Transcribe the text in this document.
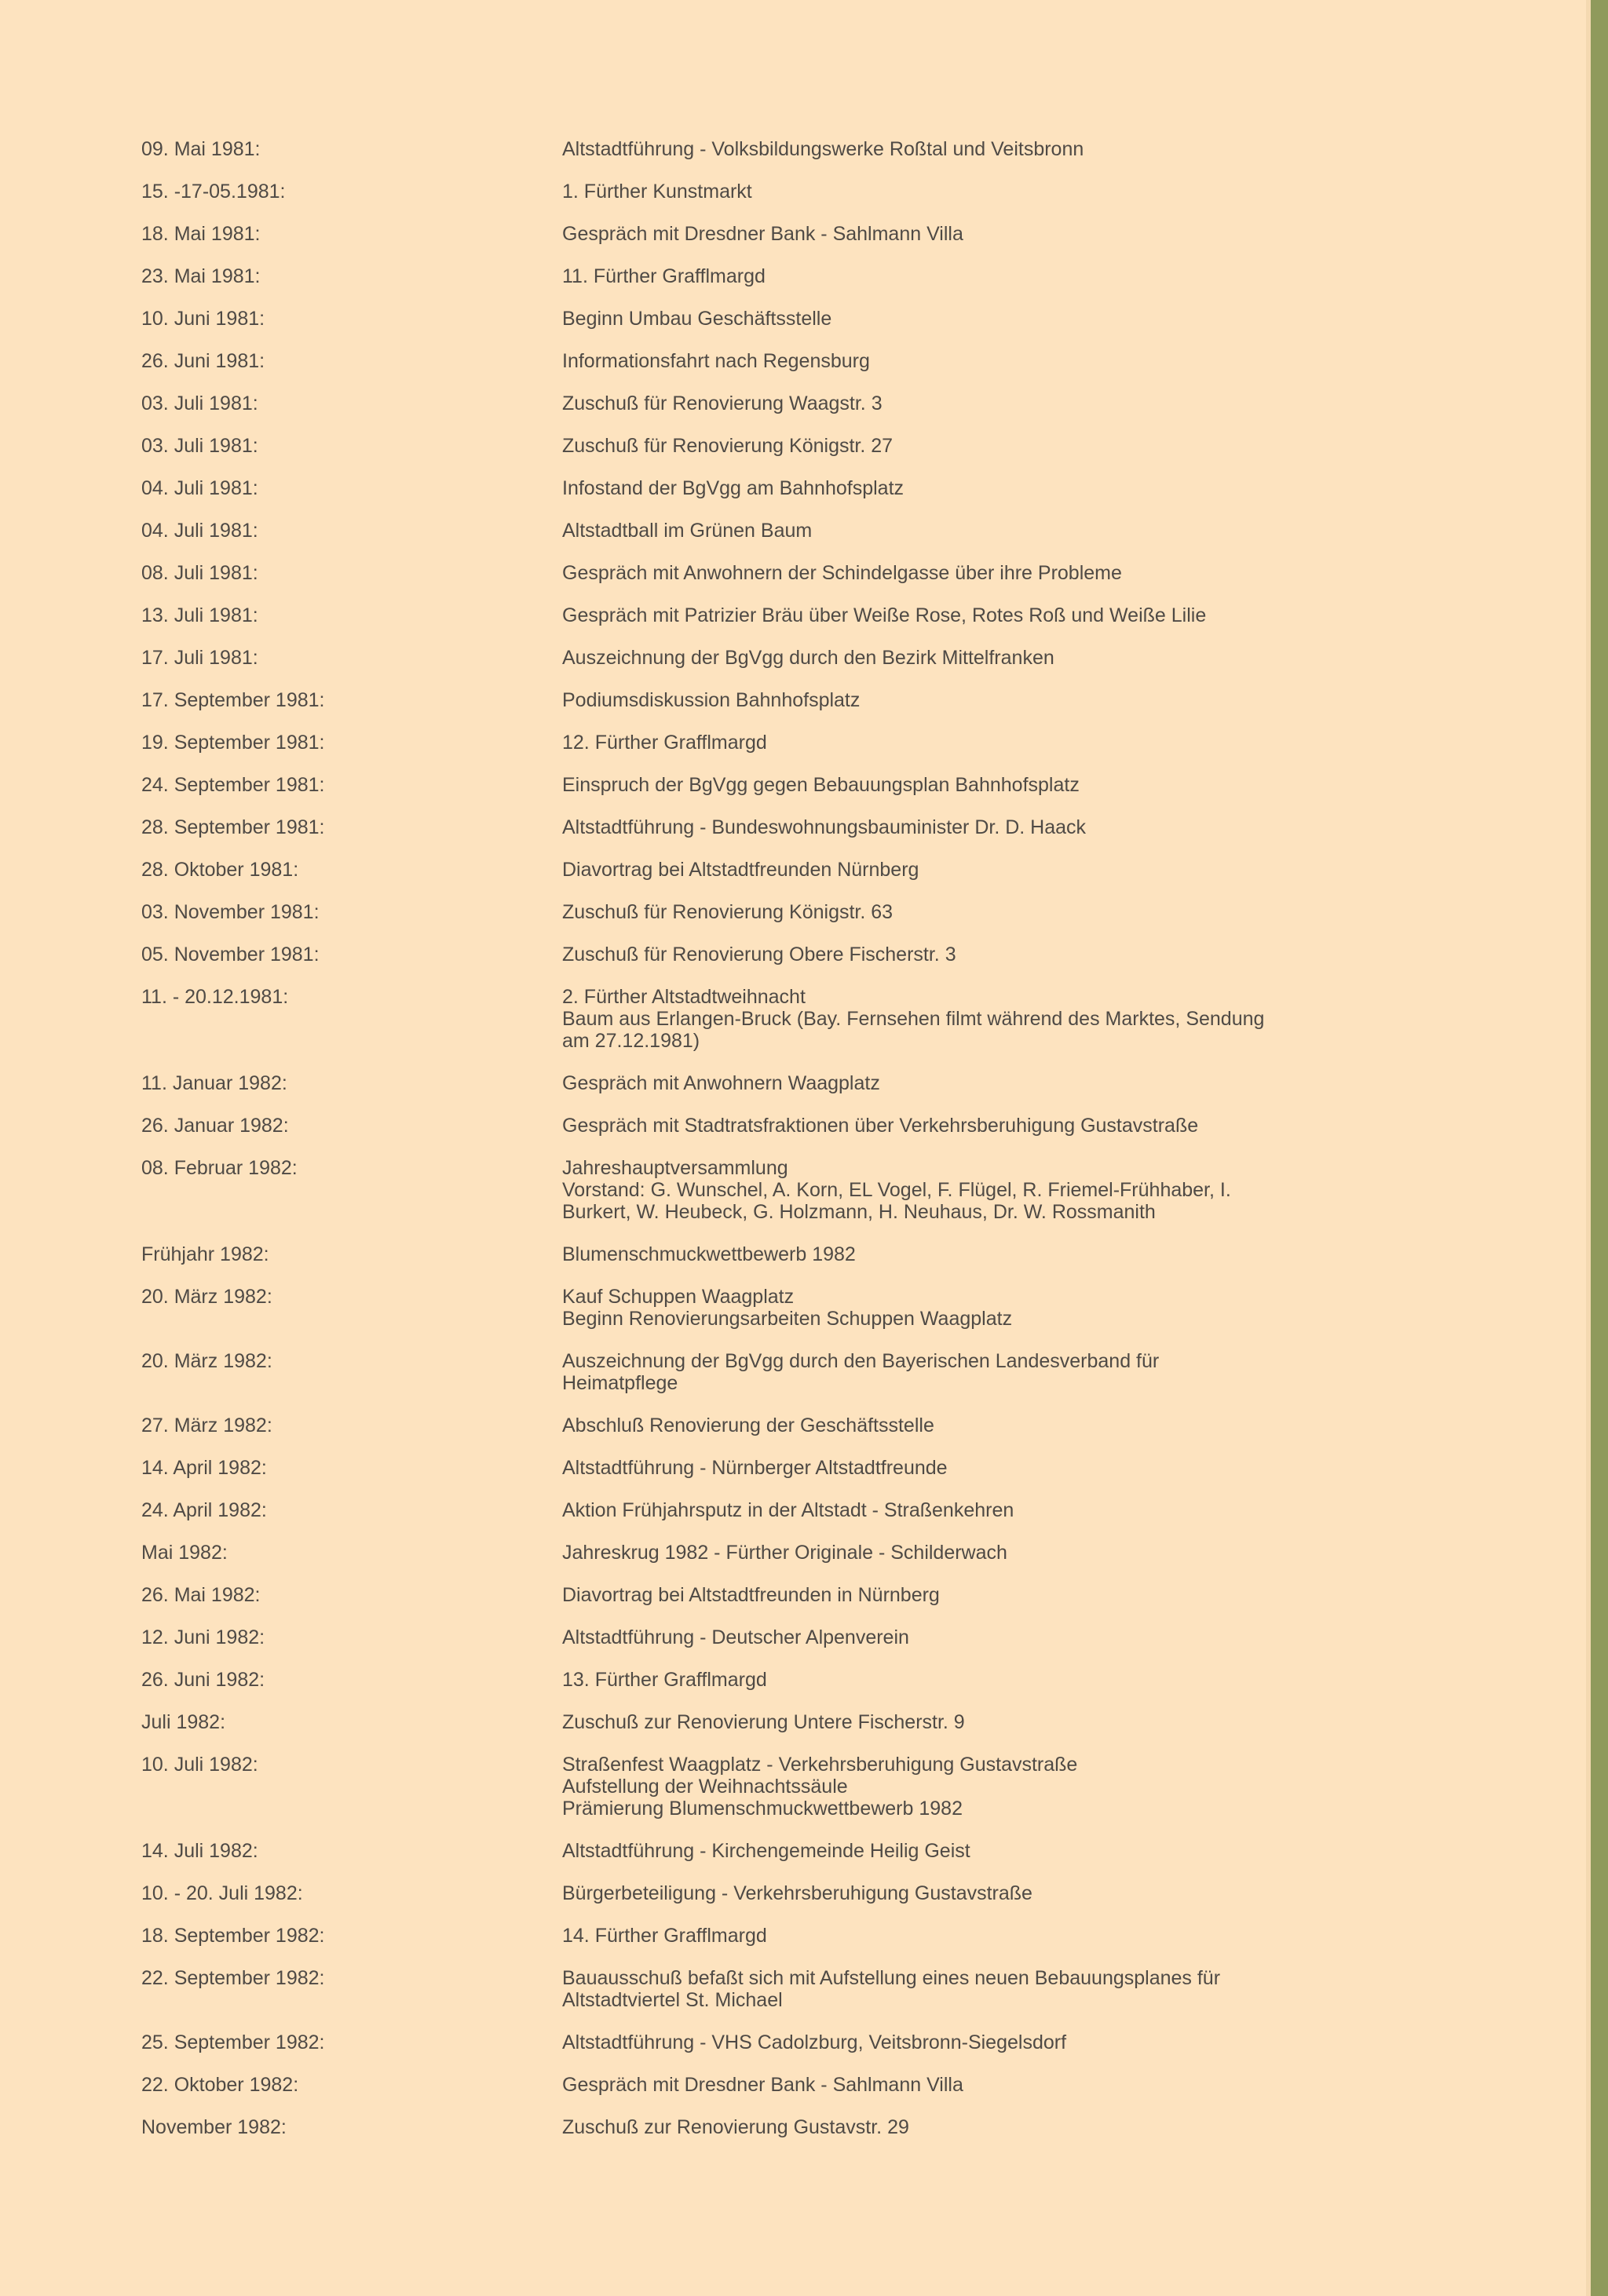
09. Mai 1981:	Altstadtführung - Volksbildungswerke Roßtal und Veitsbronn
15. -17-05.1981:	1. Fürther Kunstmarkt
18. Mai 1981:	Gespräch mit Dresdner Bank - Sahlmann Villa
23. Mai 1981:	11. Fürther Grafflmargd
10. Juni 1981:	Beginn Umbau Geschäftsstelle
26. Juni 1981:	Informationsfahrt nach Regensburg
03. Juli 1981:	Zuschuß für Renovierung Waagstr. 3
03. Juli 1981:	Zuschuß für Renovierung Königstr. 27
04. Juli 1981:	Infostand der BgVgg am Bahnhofsplatz
04. Juli 1981:	Altstadtball im Grünen Baum
08. Juli 1981:	Gespräch mit Anwohnern der Schindelgasse über ihre Probleme
13. Juli 1981:	Gespräch mit Patrizier Bräu über Weiße Rose, Rotes Roß und Weiße Lilie
17. Juli 1981:	Auszeichnung der BgVgg durch den Bezirk Mittelfranken
17. September 1981:	Podiumsdiskussion Bahnhofsplatz
19. September 1981:	12. Fürther Grafflmargd
24. September 1981:	Einspruch der BgVgg gegen Bebauungsplan Bahnhofsplatz
28. September 1981:	Altstadtführung - Bundeswohnungsbauminister Dr. D. Haack
28. Oktober 1981:	Diavortrag bei Altstadtfreunden Nürnberg
03. November 1981:	Zuschuß für Renovierung Königstr. 63
05. November 1981:	Zuschuß für Renovierung Obere Fischerstr. 3
11. - 20.12.1981:	2. Fürther Altstadtweihnacht
Baum aus Erlangen-Bruck (Bay. Fernsehen filmt während des Marktes, Sendung
am 27.12.1981)
11. Januar 1982:	Gespräch mit Anwohnern Waagplatz
26. Januar 1982:	Gespräch mit Stadtratsfraktionen über Verkehrsberuhigung Gustavstraße
08. Februar 1982:	Jahreshauptversammlung
Vorstand: G. Wunschel, A. Korn, EL Vogel, F. Flügel, R. Friemel-Frühhaber, I.
Burkert, W. Heubeck, G. Holzmann, H. Neuhaus, Dr. W. Rossmanith
Frühjahr 1982:	Blumenschmuckwettbewerb 1982
20. März 1982:	Kauf Schuppen Waagplatz
Beginn Renovierungsarbeiten Schuppen Waagplatz
20. März 1982:	Auszeichnung der BgVgg durch den Bayerischen Landesverband für
Heimatpflege
27. März 1982:	Abschluß Renovierung der Geschäftsstelle
14. April 1982:	Altstadtführung - Nürnberger Altstadtfreunde
24. April 1982:	Aktion Frühjahrsputz in der Altstadt - Straßenkehren
Mai 1982:	Jahreskrug 1982 - Fürther Originale - Schilderwach
26. Mai 1982:	Diavortrag bei Altstadtfreunden in Nürnberg
12. Juni 1982:	Altstadtführung - Deutscher Alpenverein
26. Juni 1982:	13. Fürther Grafflmargd
Juli 1982:	Zuschuß zur Renovierung Untere Fischerstr. 9
10. Juli 1982:	Straßenfest Waagplatz - Verkehrsberuhigung Gustavstraße
Aufstellung der Weihnachtssäule
Prämierung Blumenschmuckwettbewerb 1982
14. Juli 1982:	Altstadtführung - Kirchengemeinde Heilig Geist
10. - 20. Juli 1982:	Bürgerbeteiligung - Verkehrsberuhigung Gustavstraße
18. September 1982:	14. Fürther Grafflmargd
22. September 1982:	Bauausschuß befaßt sich mit Aufstellung eines neuen Bebauungsplanes für
Altstadtviertel St. Michael
25. September 1982:	Altstadtführung - VHS Cadolzburg, Veitsbronn-Siegelsdorf
22. Oktober 1982:	Gespräch mit Dresdner Bank - Sahlmann Villa
November 1982:	Zuschuß zur Renovierung Gustavstr. 29
